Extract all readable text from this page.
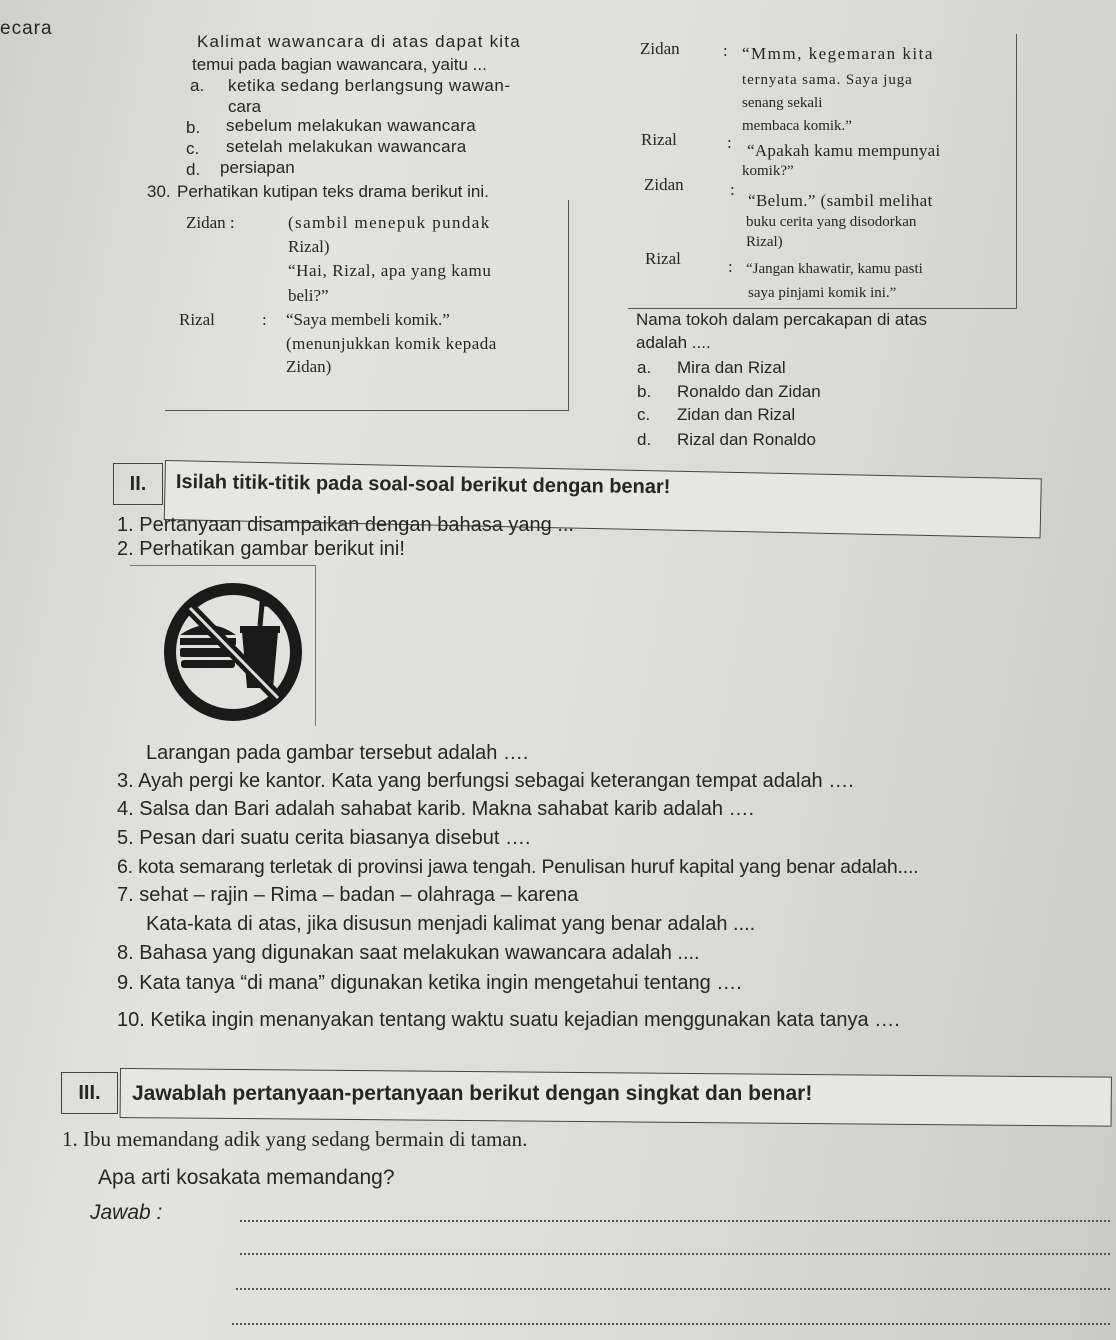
ecara
Kalimat wawancara di atas dapat kita
temui pada bagian wawancara, yaitu ...
a. ketika sedang berlangsung wawan-
cara
b. sebelum melakukan wawancara
c. setelah melakukan wawancara
d. persiapan
30. Perhatikan kutipan teks drama berikut ini.
Zidan :	(sambil menepuk pundak
Rizal)
“Hai, Rizal, apa yang kamu
beli?”
Rizal	: “Saya membeli komik.”
(menunjukkan komik kepada
Zidan)
Zidan	: “Mmm, kegemaran kita
ternyata sama. Saya juga
senang sekali
membaca komik.”
Rizal	: “Apakah kamu mempunyai
komik?”
Zidan	:
“Belum.” (sambil melihat
buku cerita yang disodorkan
Rizal)
Rizal	: “Jangan khawatir, kamu pasti
saya pinjami komik ini.”
Nama tokoh dalam percakapan di atas
adalah ....
a. Mira dan Rizal
b. Ronaldo dan Zidan
c. Zidan dan Rizal
d. Rizal dan Ronaldo
II. Isilah titik-titik pada soal-soal berikut dengan benar!
1. Pertanyaan disampaikan dengan bahasa yang ...
2. Perhatikan gambar berikut ini!
Larangan pada gambar tersebut adalah ….
3. Ayah pergi ke kantor. Kata yang berfungsi sebagai keterangan tempat adalah ….
4. Salsa dan Bari adalah sahabat karib. Makna sahabat karib adalah ….
5. Pesan dari suatu cerita biasanya disebut ….
6. kota semarang terletak di provinsi jawa tengah. Penulisan huruf kapital yang benar adalah....
7. sehat – rajin – Rima – badan – olahraga – karena
Kata-kata di atas, jika disusun menjadi kalimat yang benar adalah ....
8. Bahasa yang digunakan saat melakukan wawancara adalah ....
9. Kata tanya “di mana” digunakan ketika ingin mengetahui tentang ….
10. Ketika ingin menanyakan tentang waktu suatu kejadian menggunakan kata tanya ….
III. Jawablah pertanyaan-pertanyaan berikut dengan singkat dan benar!
1. Ibu memandang adik yang sedang bermain di taman.
Apa arti kosakata memandang?
Jawab :
